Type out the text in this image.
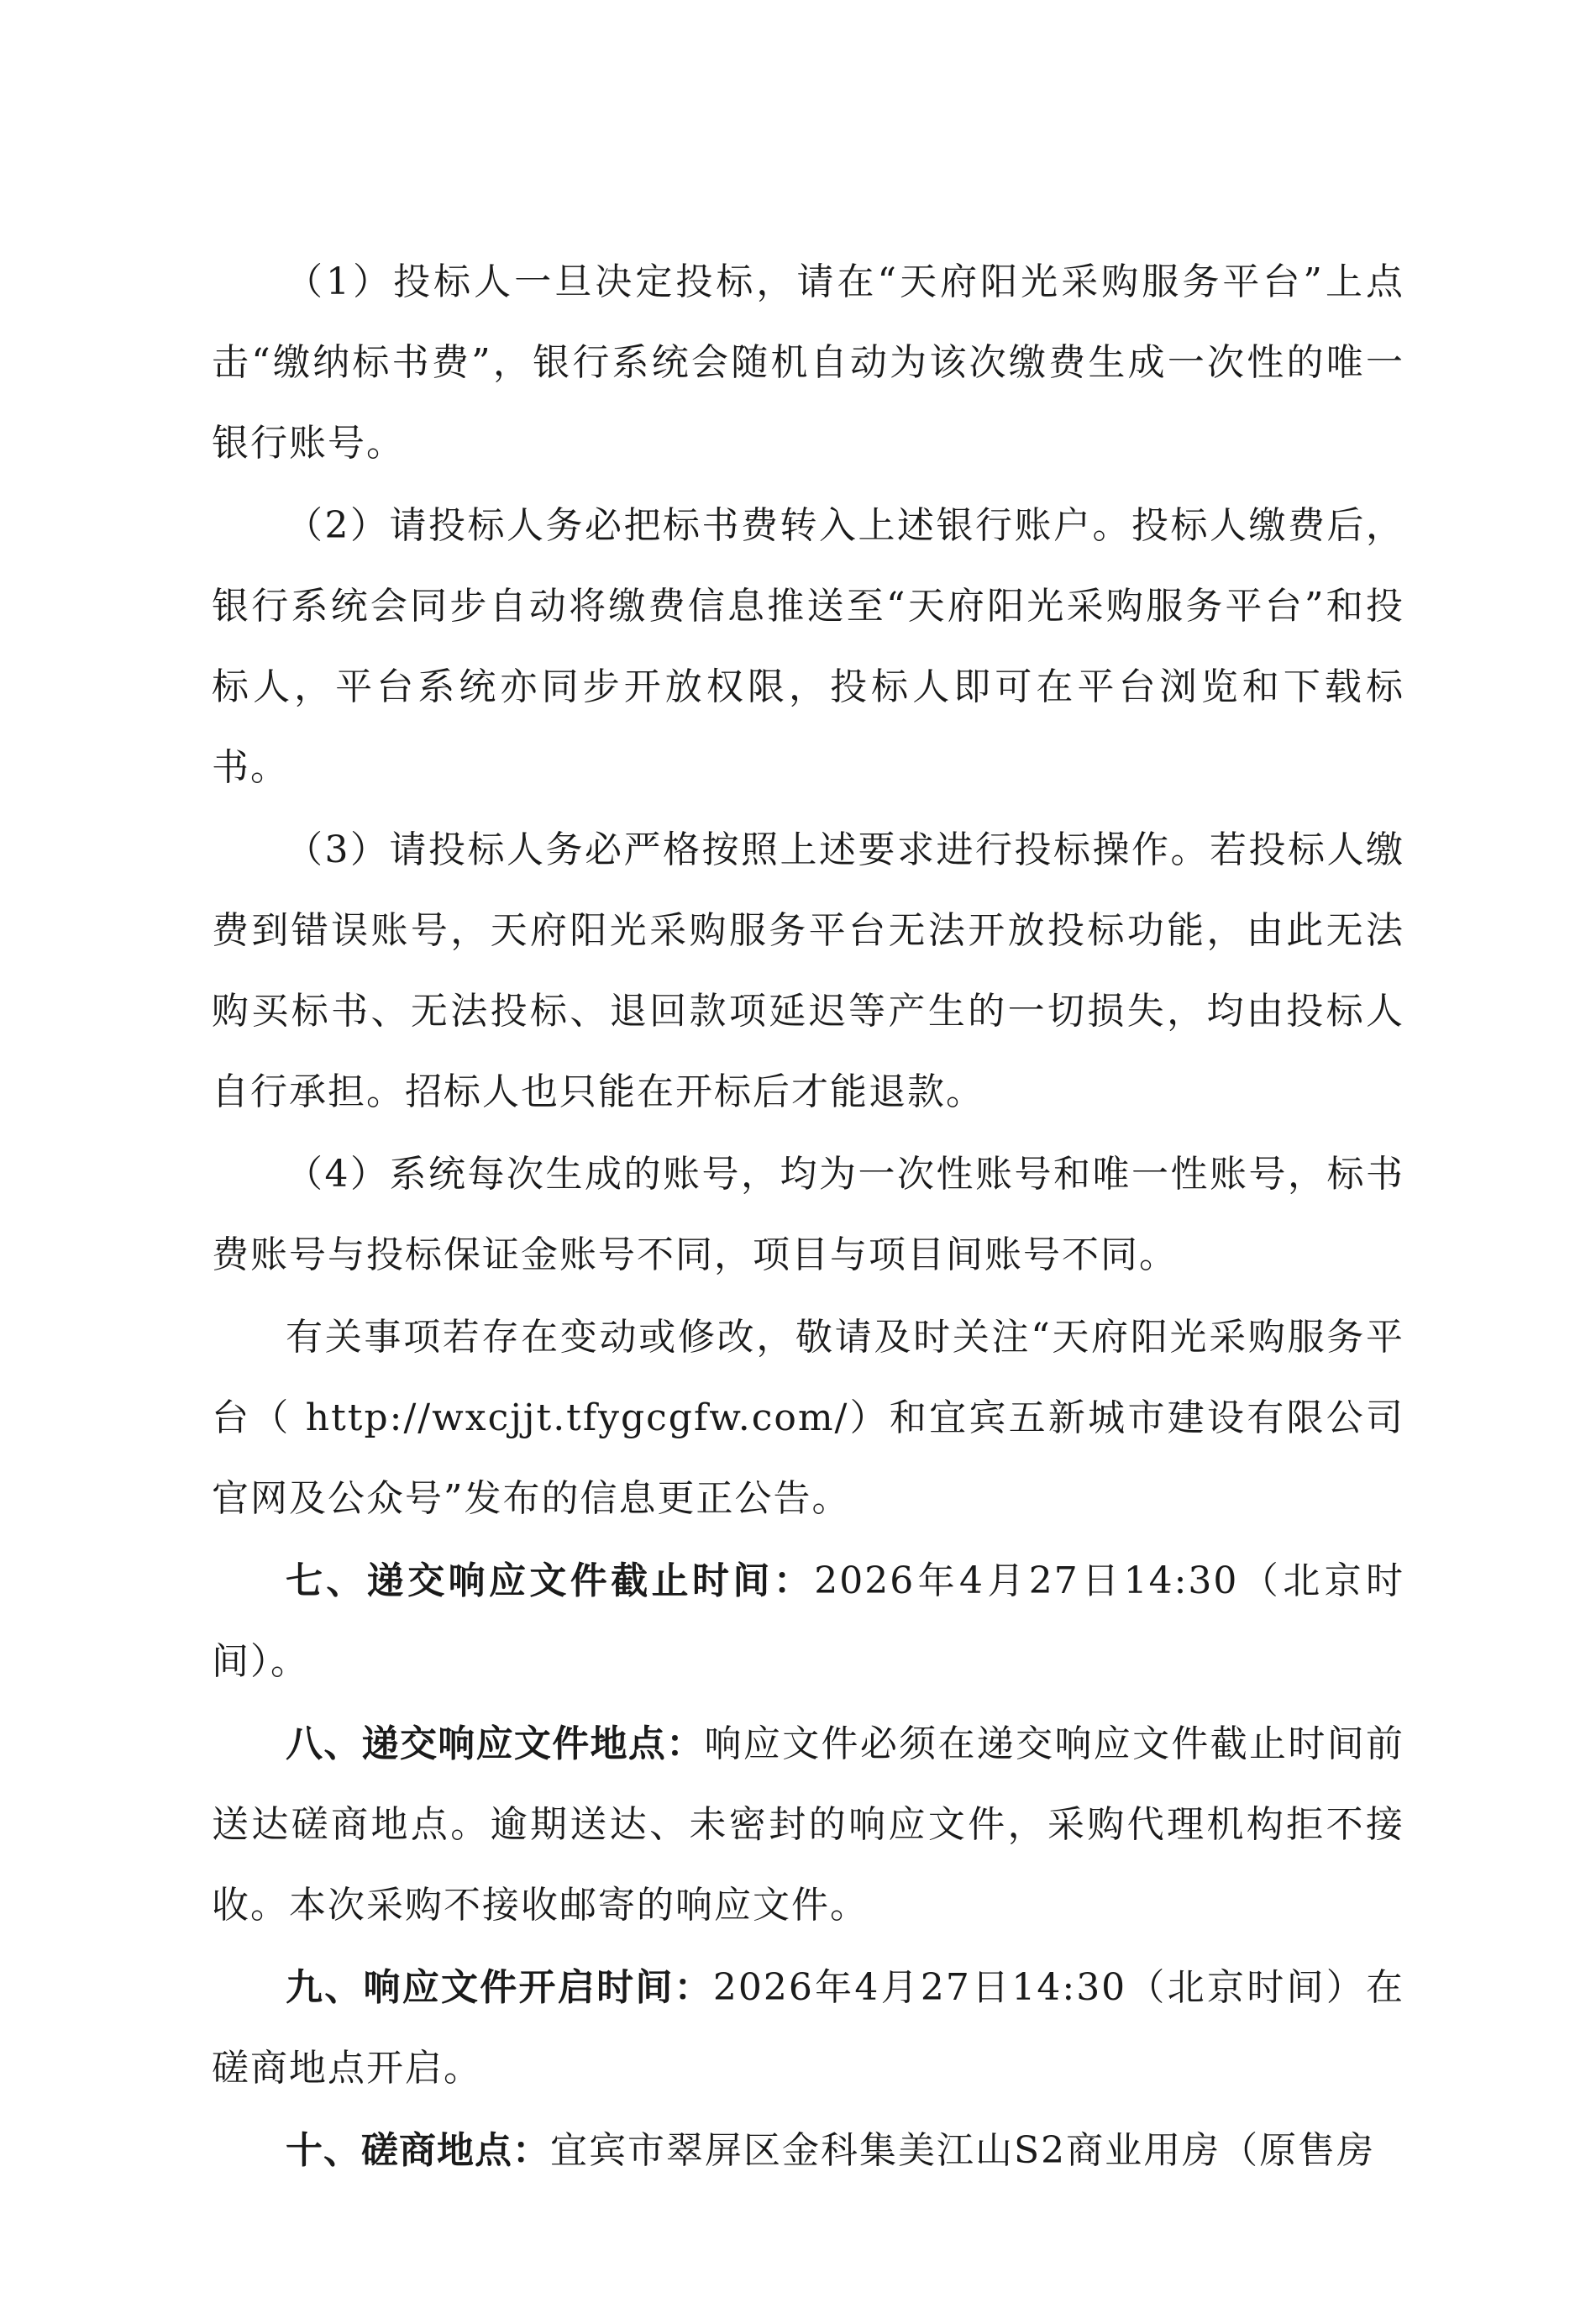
（1）投标人一旦决定投标，请在“天府阳光采购服务平台”上点击“缴纳标书费”，银行系统会随机自动为该次缴费生成一次性的唯一银行账号。

（2）请投标人务必把标书费转入上述银行账户。投标人缴费后，银行系统会同步自动将缴费信息推送至“天府阳光采购服务平台”和投标人，平台系统亦同步开放权限，投标人即可在平台浏览和下载标书。

（3）请投标人务必严格按照上述要求进行投标操作。若投标人缴费到错误账号，天府阳光采购服务平台无法开放投标功能，由此无法购买标书、无法投标、退回款项延迟等产生的一切损失，均由投标人自行承担。招标人也只能在开标后才能退款。

（4）系统每次生成的账号，均为一次性账号和唯一性账号，标书费账号与投标保证金账号不同，项目与项目间账号不同。

有关事项若存在变动或修改，敬请及时关注“天府阳光采购服务平台（ http://wxcjjt.tfygcgfw.com/）和宜宾五新城市建设有限公司官网及公众号”发布的信息更正公告。

七、递交响应文件截止时间：2026年4月27日14:30（北京时间）。

八、递交响应文件地点：响应文件必须在递交响应文件截止时间前送达磋商地点。逾期送达、未密封的响应文件，采购代理机构拒不接收。本次采购不接收邮寄的响应文件。

九、响应文件开启时间：2026年4月27日14:30（北京时间）在磋商地点开启。

十、磋商地点：宜宾市翠屏区金科集美江山S2商业用房（原售房
